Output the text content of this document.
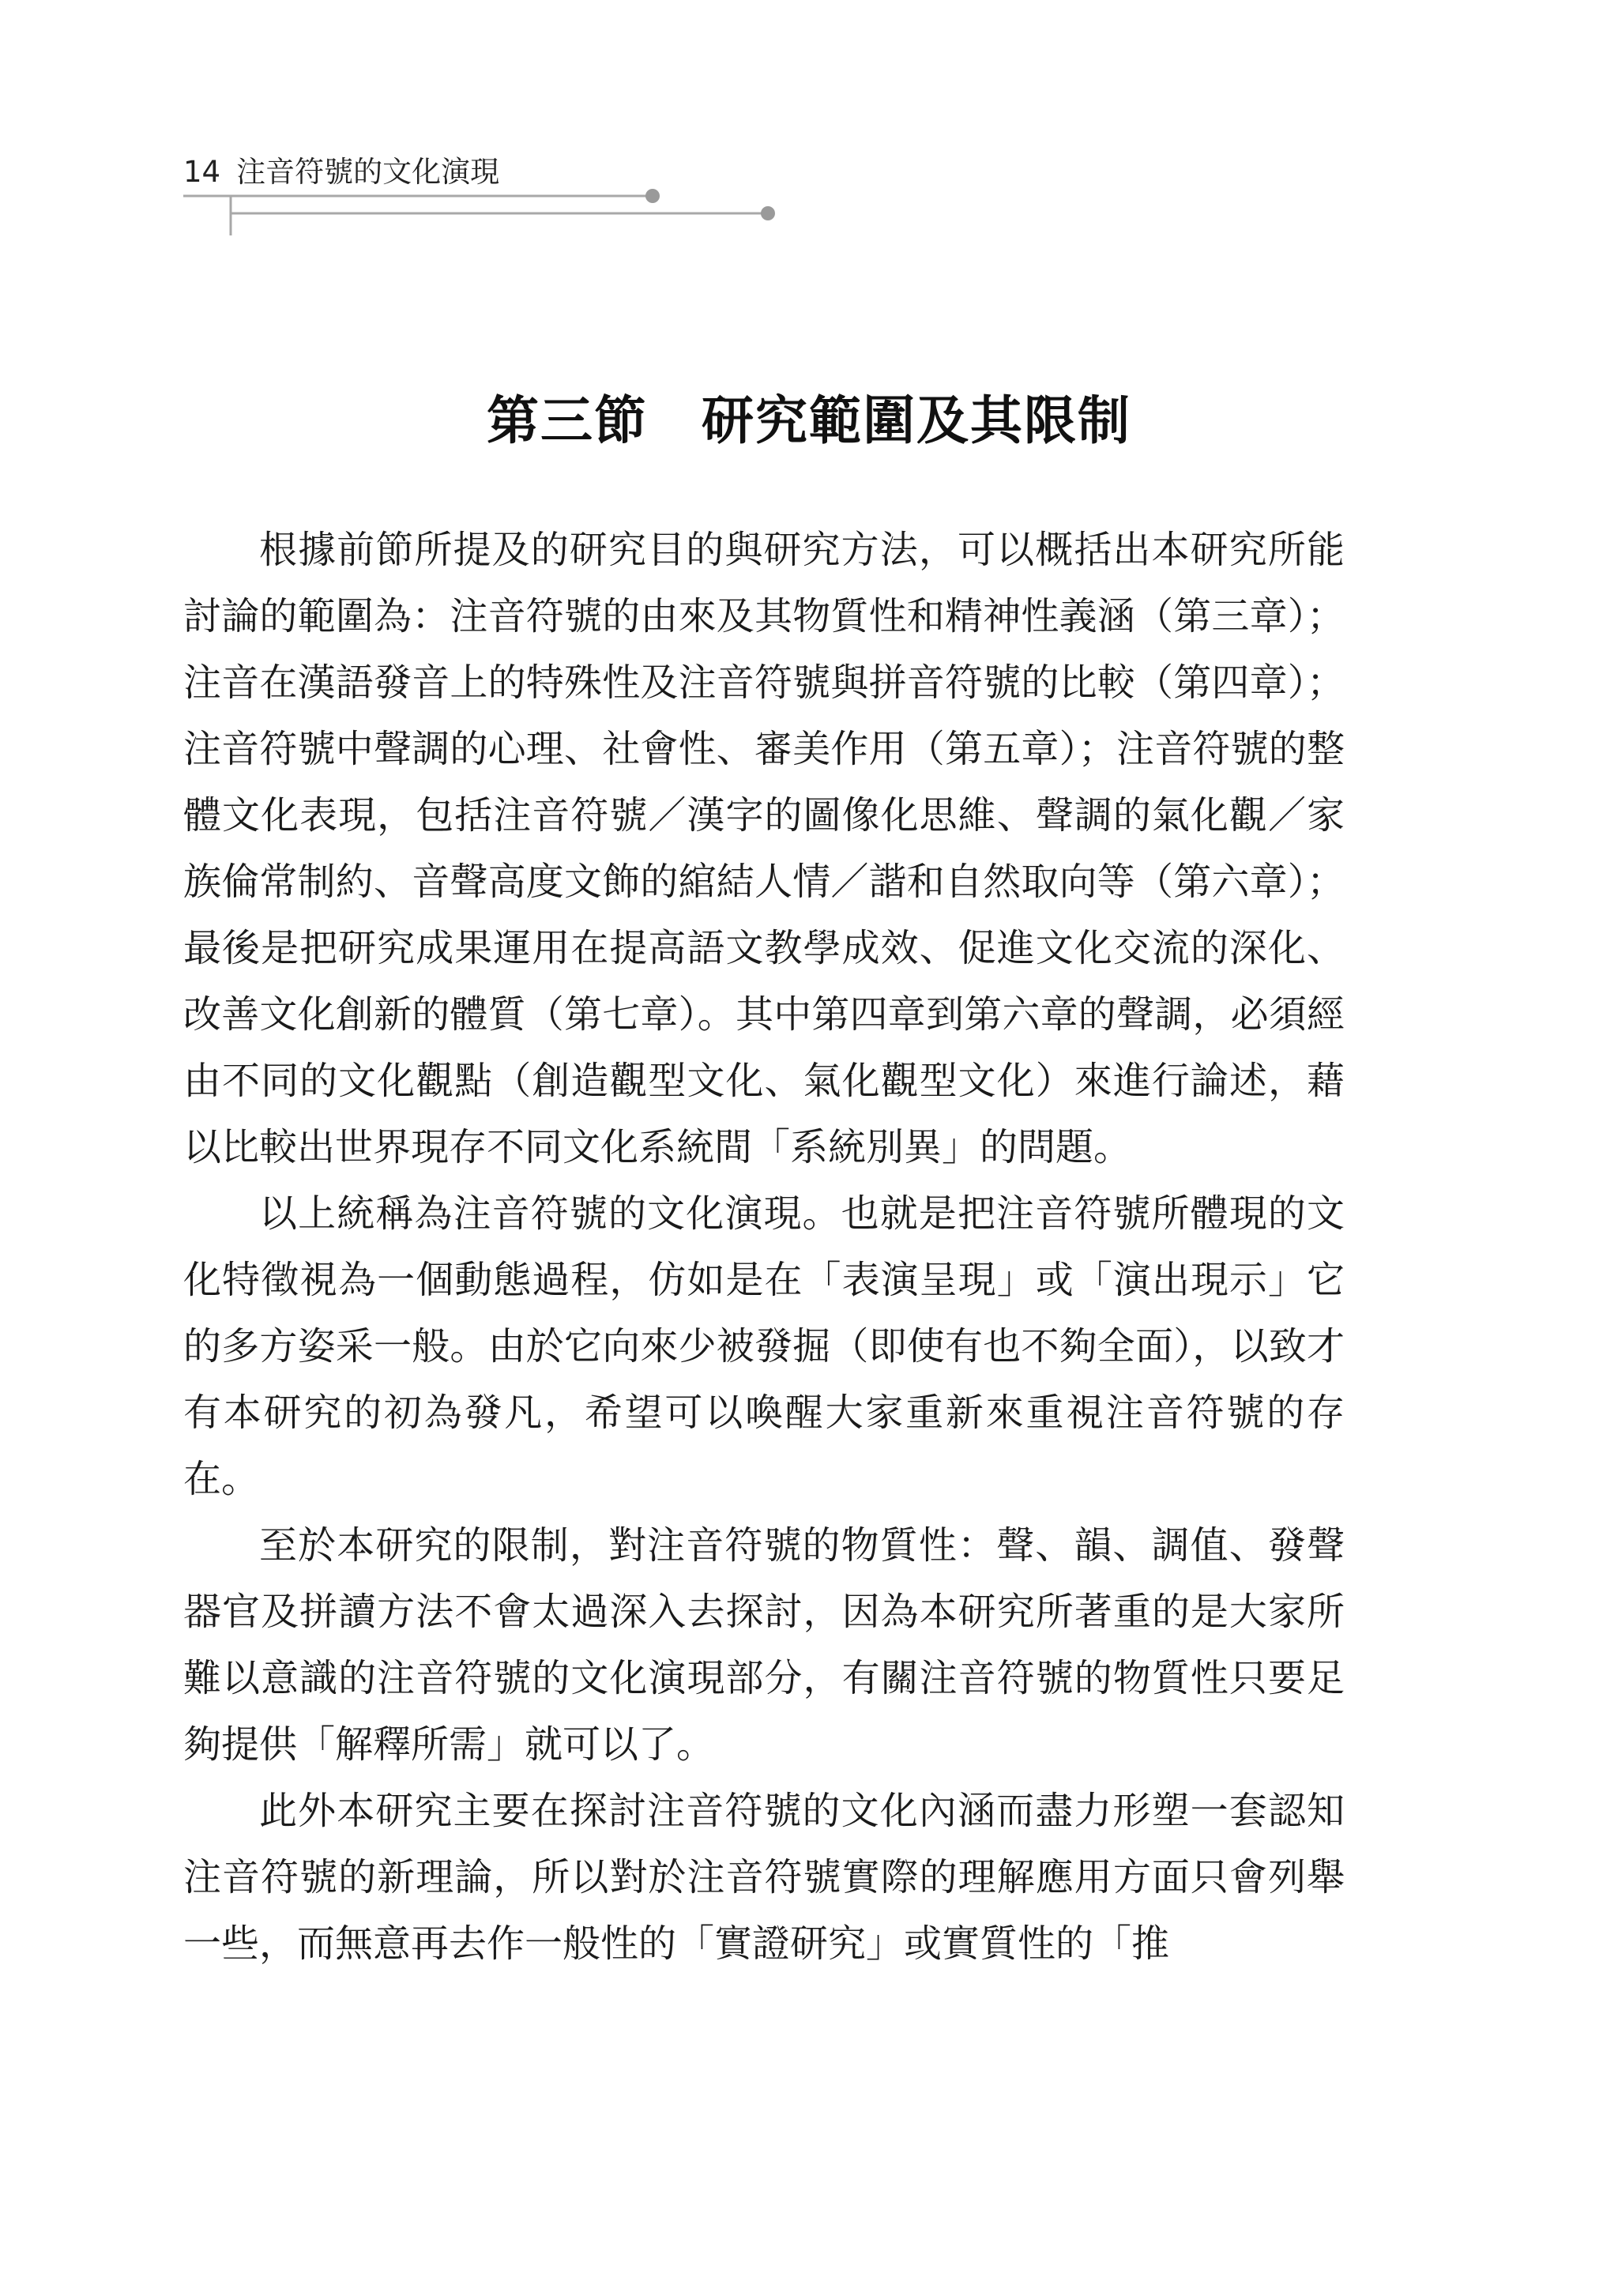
14 注音符號的文化演現
第三節　研究範圍及其限制

根據前節所提及的研究目的與研究方法，可以概括出本研究所能討論的範圍為：注音符號的由來及其物質性和精神性義涵（第三章）；注音在漢語發音上的特殊性及注音符號與拼音符號的比較（第四章）；注音符號中聲調的心理、社會性、審美作用（第五章）；注音符號的整體文化表現，包括注音符號／漢字的圖像化思維、聲調的氣化觀／家族倫常制約、音聲高度文飾的綰結人情／諧和自然取向等（第六章）；最後是把研究成果運用在提高語文教學成效、促進文化交流的深化、改善文化創新的體質（第七章）。其中第四章到第六章的聲調，必須經由不同的文化觀點（創造觀型文化、氣化觀型文化）來進行論述，藉以比較出世界現存不同文化系統間「系統別異」的問題。

以上統稱為注音符號的文化演現。也就是把注音符號所體現的文化特徵視為一個動態過程，仿如是在「表演呈現」或「演出現示」它的多方姿采一般。由於它向來少被發掘（即使有也不夠全面），以致才有本研究的初為發凡，希望可以喚醒大家重新來重視注音符號的存在。

至於本研究的限制，對注音符號的物質性：聲、韻、調值、發聲器官及拼讀方法不會太過深入去探討，因為本研究所著重的是大家所難以意識的注音符號的文化演現部分，有關注音符號的物質性只要足夠提供「解釋所需」就可以了。

此外本研究主要在探討注音符號的文化內涵而盡力形塑一套認知注音符號的新理論，所以對於注音符號實際的理解應用方面只會列舉一些，而無意再去作一般性的「實證研究」或實質性的「推
